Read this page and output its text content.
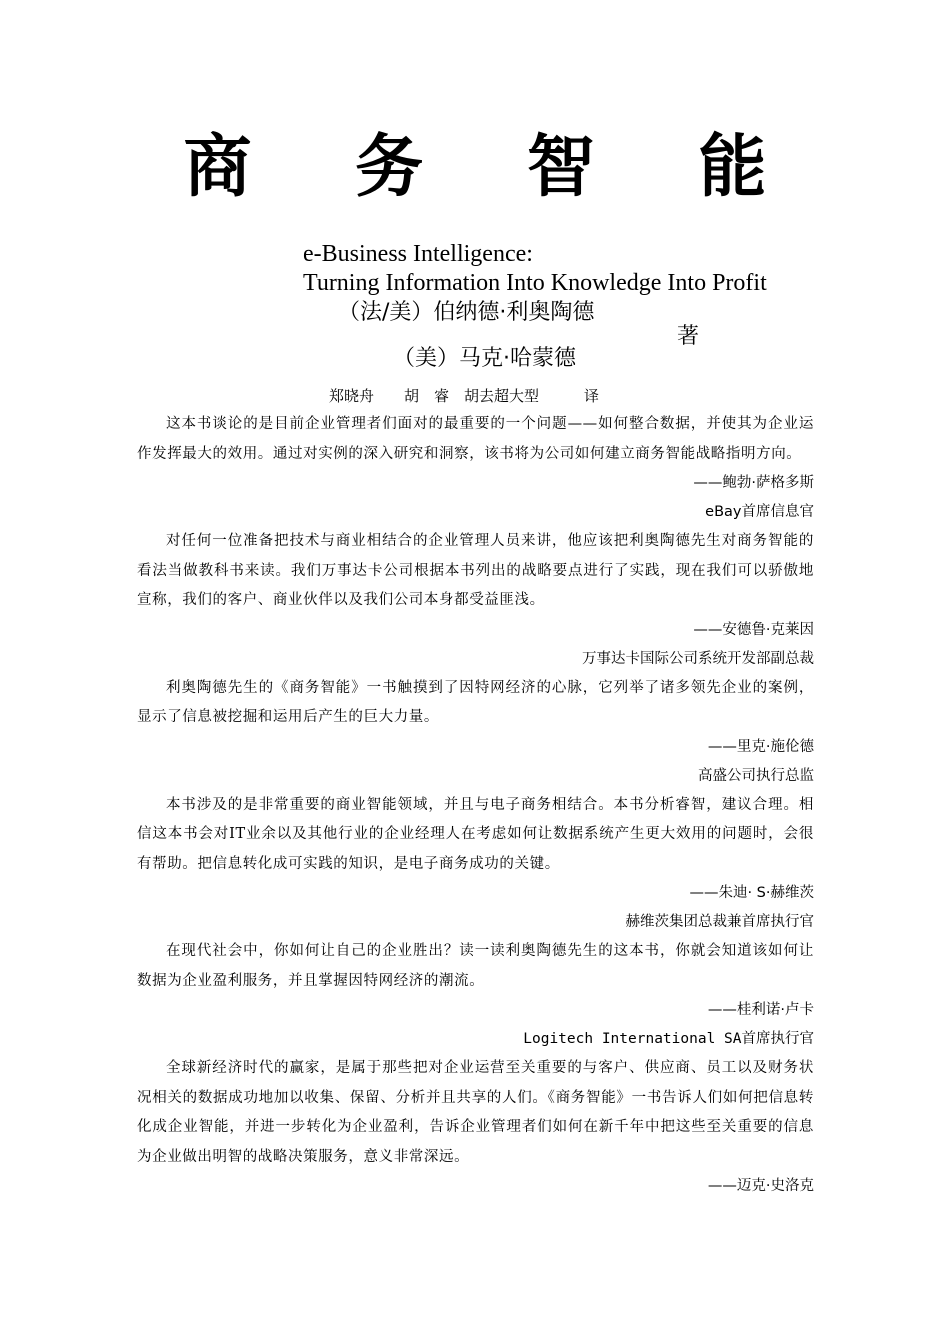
商 务 智 能
e-Business Intelligence:
Turning Information Into Knowledge Into Profit
（法/美）伯纳德·利奥陶德
著
（美）马克·哈蒙德
郑晓舟　　胡　睿　胡去超大型　　　译

这本书谈论的是目前企业管理者们面对的最重要的一个问题——如何整合数据，并使其为企业运作发挥最大的效用。通过对实例的深入研究和洞察，该书将为公司如何建立商务智能战略指明方向。

——鲍勃·萨格多斯

eBay首席信息官

对任何一位准备把技术与商业相结合的企业管理人员来讲，他应该把利奥陶德先生对商务智能的看法当做教科书来读。我们万事达卡公司根据本书列出的战略要点进行了实践，现在我们可以骄傲地宣称，我们的客户、商业伙伴以及我们公司本身都受益匪浅。

——安德鲁·克莱因

万事达卡国际公司系统开发部副总裁

利奥陶德先生的《商务智能》一书触摸到了因特网经济的心脉，它列举了诸多领先企业的案例，显示了信息被挖掘和运用后产生的巨大力量。

——里克·施伦德

高盛公司执行总监

本书涉及的是非常重要的商业智能领域，并且与电子商务相结合。本书分析睿智，建议合理。相信这本书会对IT业余以及其他行业的企业经理人在考虑如何让数据系统产生更大效用的问题时，会很有帮助。把信息转化成可实践的知识，是电子商务成功的关键。

——朱迪· S·赫维茨

赫维茨集团总裁兼首席执行官

在现代社会中，你如何让自己的企业胜出？读一读利奥陶德先生的这本书，你就会知道该如何让数据为企业盈利服务，并且掌握因特网经济的潮流。

——桂利诺·卢卡

Logitech International SA首席执行官

全球新经济时代的赢家，是属于那些把对企业运营至关重要的与客户、供应商、员工以及财务状况相关的数据成功地加以收集、保留、分析并且共享的人们。《商务智能》一书告诉人们如何把信息转化成企业智能，并进一步转化为企业盈利，告诉企业管理者们如何在新千年中把这些至关重要的信息为企业做出明智的战略决策服务，意义非常深远。

——迈克·史洛克
